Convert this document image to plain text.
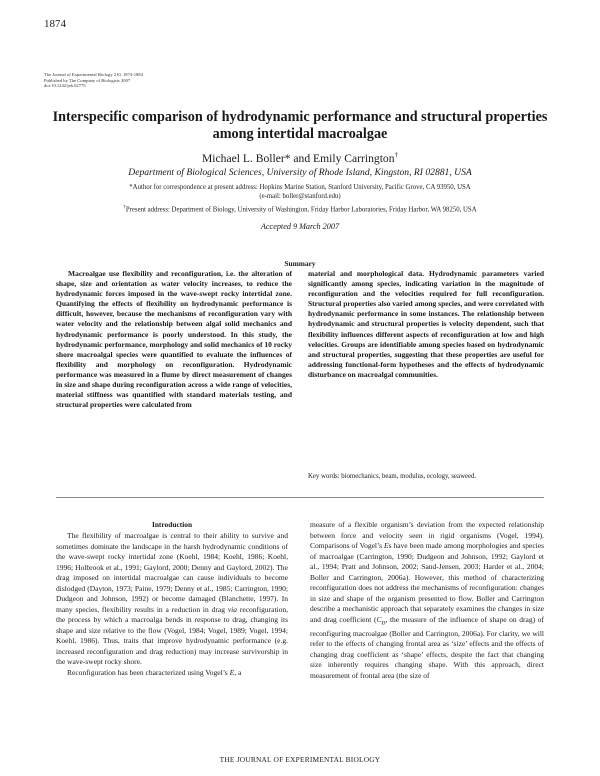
1874
The Journal of Experimental Biology 210, 1874-1884
Published by The Company of Biologists 2007
doi:10.1242/jeb.02775
Interspecific comparison of hydrodynamic performance and structural properties among intertidal macroalgae
Michael L. Boller* and Emily Carrington†
Department of Biological Sciences, University of Rhode Island, Kingston, RI 02881, USA
*Author for correspondence at present address: Hopkins Marine Station, Stanford University, Pacific Grove, CA 93950, USA
(e-mail: boller@stanford.edu)
†Present address: Department of Biology, University of Washington, Friday Harbor Laboratories, Friday Harbor, WA 98250, USA
Accepted 9 March 2007
Summary
Macroalgae use flexibility and reconfiguration, i.e. the alteration of shape, size and orientation as water velocity increases, to reduce the hydrodynamic forces imposed in the wave-swept rocky intertidal zone. Quantifying the effects of flexibility on hydrodynamic performance is difficult, however, because the mechanisms of reconfiguration vary with water velocity and the relationship between algal solid mechanics and hydrodynamic performance is poorly understood. In this study, the hydrodynamic performance, morphology and solid mechanics of 10 rocky shore macroalgal species were quantified to evaluate the influences of flexibility and morphology on reconfiguration. Hydrodynamic performance was measured in a flume by direct measurement of changes in size and shape during reconfiguration across a wide range of velocities, material stiffness was quantified with standard materials testing, and structural properties were calculated from
material and morphological data. Hydrodynamic parameters varied significantly among species, indicating variation in the magnitude of reconfiguration and the velocities required for full reconfiguration. Structural properties also varied among species, and were correlated with hydrodynamic performance in some instances. The relationship between hydrodynamic and structural properties is velocity dependent, such that flexibility influences different aspects of reconfiguration at low and high velocities. Groups are identifiable among species based on hydrodynamic and structural properties, suggesting that these properties are useful for addressing functional-form hypotheses and the effects of hydrodynamic disturbance on macroalgal communities.
Key words: biomechanics, beam, modulus, ecology, seaweed.
Introduction

The flexibility of macroalgae is central to their ability to survive and sometimes dominate the landscape in the harsh hydrodynamic conditions of the wave-swept rocky intertidal zone (Koehl, 1984; Koehl, 1986; Koehl, 1996; Holbrook et al., 1991; Gaylord, 2000; Denny and Gaylord, 2002). The drag imposed on intertidal macroalgae can cause individuals to become dislodged (Dayton, 1973; Paine, 1979; Denny et al., 1985; Carrington, 1990; Dudgeon and Johnson, 1992) or become damaged (Blanchette, 1997). In many species, flexibility results in a reduction in drag via reconfiguration, the process by which a macroalga bends in response to drag, changing its shape and size relative to the flow (Vogel, 1984; Vogel, 1989; Vogel, 1994; Koehl, 1986). Thus, traits that improve hydrodynamic performance (e.g. increased reconfiguration and drag reduction) may increase survivorship in the wave-swept rocky shore.

Reconfiguration has been characterized using Vogel’s E, a

measure of a flexible organism’s deviation from the expected relationship between force and velocity seen in rigid organisms (Vogel, 1994). Comparisons of Vogel’s Es have been made among morphologies and species of macroalgae (Carrington, 1990; Dudgeon and Johnson, 1992; Gaylord et al., 1994; Pratt and Johnson, 2002; Sand-Jensen, 2003; Harder et al., 2004; Boller and Carrington, 2006a). However, this method of characterizing reconfiguration does not address the mechanisms of reconfiguration: changes in size and shape of the organism presented to flow. Boller and Carrington describe a mechanistic approach that separately examines the changes in size and drag coefficient ($C_D$, the measure of the influence of shape on drag) of reconfiguring macroalgae (Boller and Carrington, 2006a). For clarity, we will refer to the effects of changing frontal area as ‘size’ effects and the effects of changing drag coefficient as ‘shape’ effects, despite the fact that changing size inherently requires changing shape. With this approach, direct measurement of frontal area (the size of

THE JOURNAL OF EXPERIMENTAL BIOLOGY
